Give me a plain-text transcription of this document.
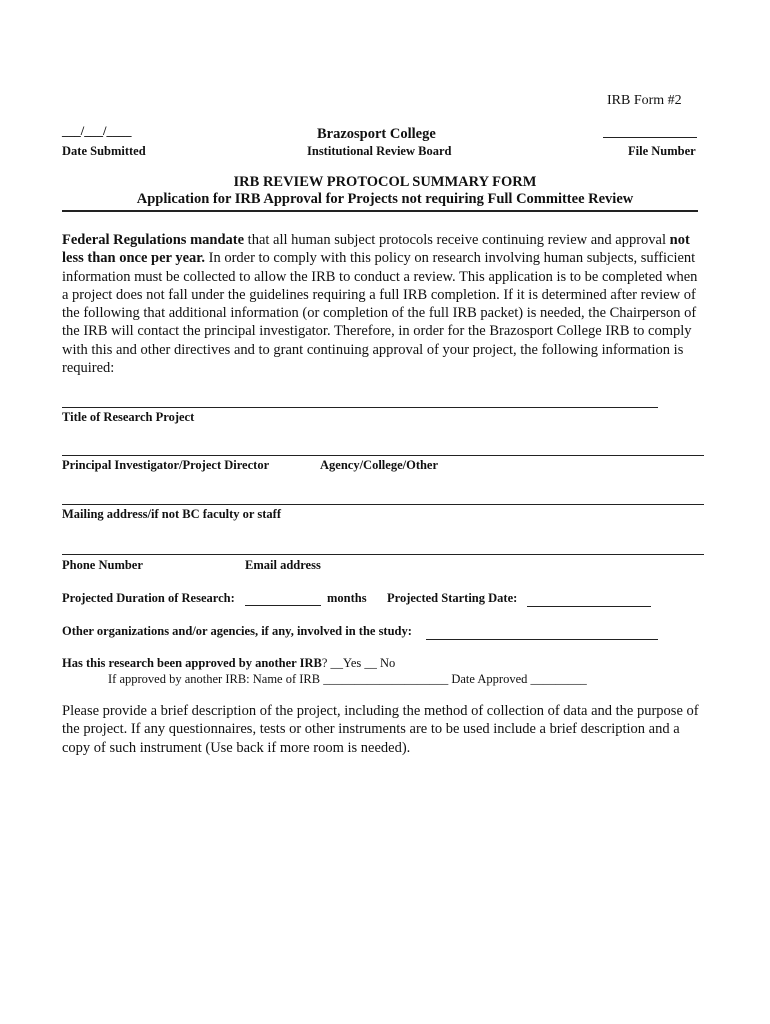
IRB Form #2
___/___/____
Date Submitted
Brazosport College
Institutional Review Board	File Number
IRB REVIEW PROTOCOL SUMMARY FORM
Application for IRB Approval for Projects not requiring Full Committee Review
Federal Regulations mandate that all human subject protocols receive continuing review and approval not less than once per year. In order to comply with this policy on research involving human subjects, sufficient information must be collected to allow the IRB to conduct a review. This application is to be completed when a project does not fall under the guidelines requiring a full IRB completion. If it is determined after review of the following that additional information (or completion of the full IRB packet) is needed, the Chairperson of the IRB will contact the principal investigator. Therefore, in order for the Brazosport College IRB to comply with this and other directives and to grant continuing approval of your project, the following information is required:
Title of Research Project
Principal Investigator/Project Director	Agency/College/Other
Mailing address/if not BC faculty or staff
Phone Number	Email address
Projected Duration of Research:	months Projected Starting Date:
Other organizations and/or agencies, if any, involved in the study:
Has this research been approved by another IRB? __Yes __ No
If approved by another IRB: Name of IRB ____________________ Date Approved _________
Please provide a brief description of the project, including the method of collection of data and the purpose of the project. If any questionnaires, tests or other instruments are to be used include a brief description and a copy of such instrument (Use back if more room is needed).
